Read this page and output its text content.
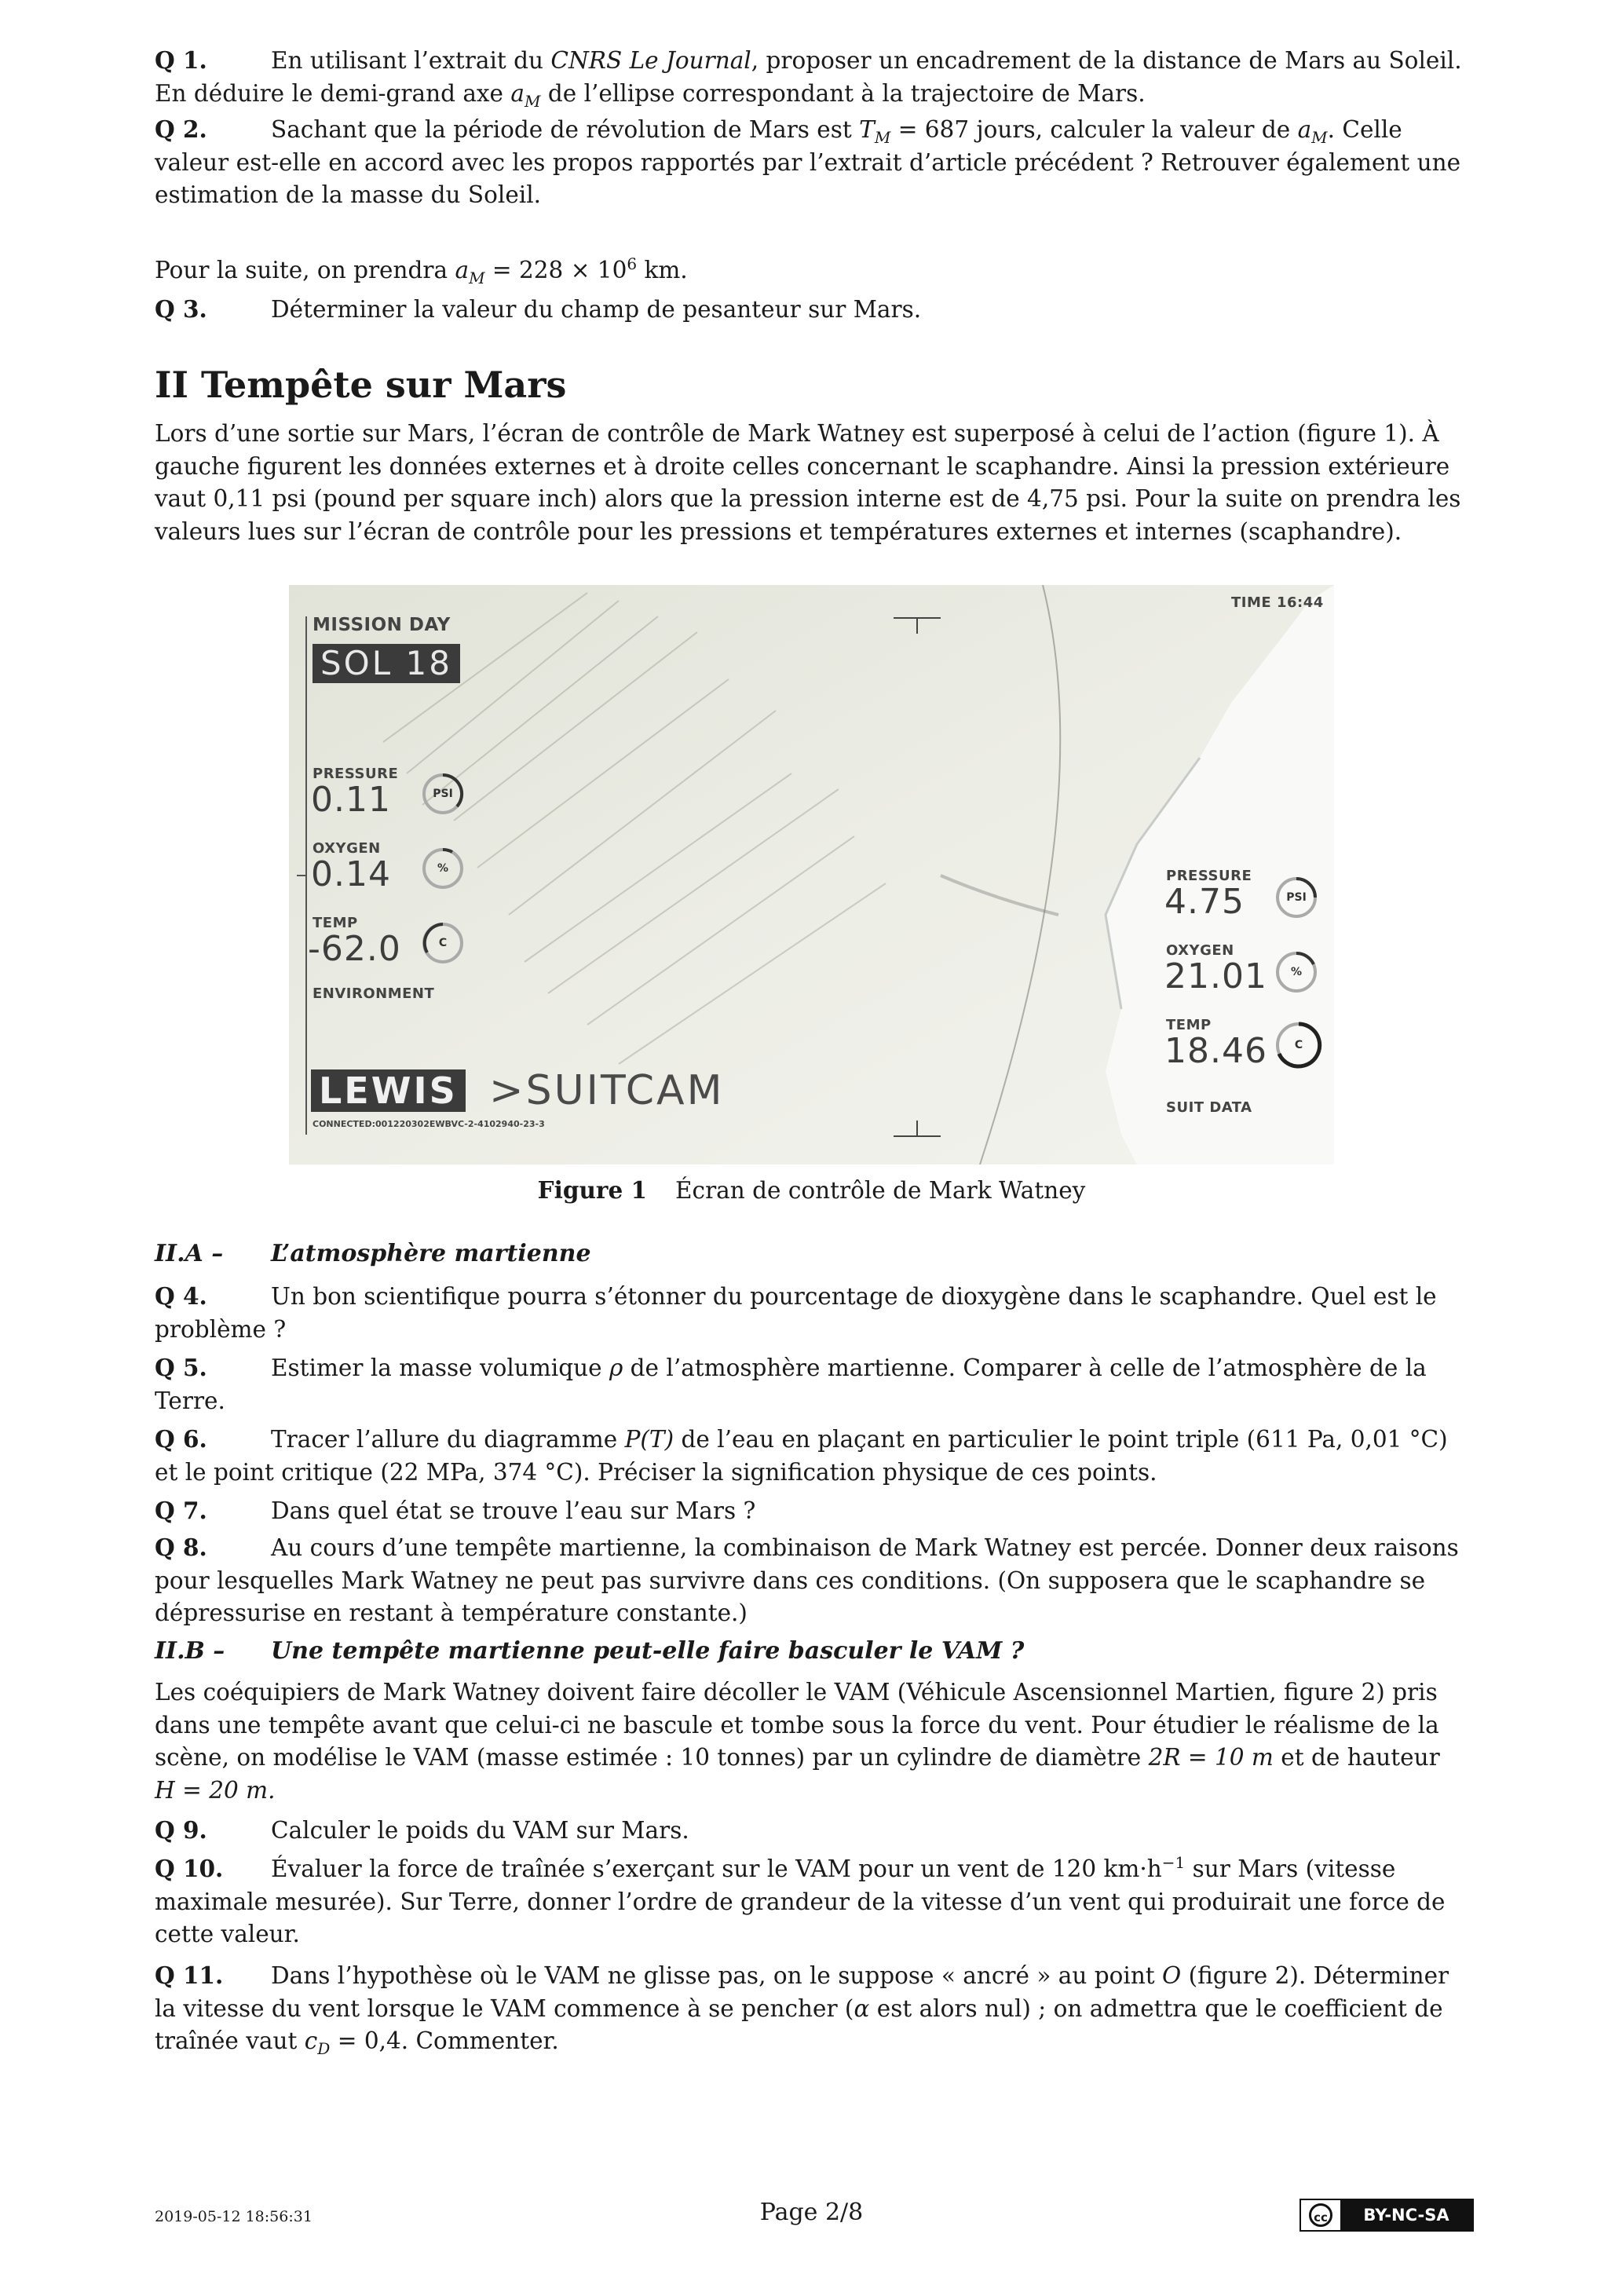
Q 1.	En utilisant l’extrait du CNRS Le Journal, proposer un encadrement de la distance de Mars au Soleil.
En déduire le demi-grand axe $a_M$ de l’ellipse correspondant à la trajectoire de Mars.
Q 2.	Sachant que la période de révolution de Mars est $T_M = 687$ jours, calculer la valeur de $a_M$. Celle
valeur est-elle en accord avec les propos rapportés par l’extrait d’article précédent ? Retrouver également une
estimation de la masse du Soleil.
Pour la suite, on prendra $a_M = 228 \times 10^6$ km.
Q 3.	Déterminer la valeur du champ de pesanteur sur Mars.
II Tempête sur Mars
Lors d’une sortie sur Mars, l’écran de contrôle de Mark Watney est superposé à celui de l’action (figure 1). À
gauche figurent les données externes et à droite celles concernant le scaphandre. Ainsi la pression extérieure
vaut 0,11 psi (pound per square inch) alors que la pression interne est de 4,75 psi. Pour la suite on prendra les
valeurs lues sur l’écran de contrôle pour les pressions et températures externes et internes (scaphandre).
MISSION DAY
SOL 18
TIME 16:44
PRESSURE
0.11	PSI
OXYGEN
0.14	%
TEMP
-62.0	C
ENVIRONMENT
PRESSURE
4.75	PSI
OXYGEN
21.01	%
TEMP
18.46	C
SUIT DATA
LEWIS >SUITCAM
CONNECTED:001220302EWBVC-2-4102940-23-3
Figure 1 Écran de contrôle de Mark Watney
II.A – L’atmosphère martienne
Q 4.	Un bon scientifique pourra s’étonner du pourcentage de dioxygène dans le scaphandre. Quel est le
problème ?
Q 5.	Estimer la masse volumique ρ de l’atmosphère martienne. Comparer à celle de l’atmosphère de la
Terre.
Q 6.	Tracer l’allure du diagramme P(T) de l’eau en plaçant en particulier le point triple (611 Pa, 0,01 °C)
et le point critique (22 MPa, 374 °C). Préciser la signification physique de ces points.
Q 7.	Dans quel état se trouve l’eau sur Mars ?
Q 8.	Au cours d’une tempête martienne, la combinaison de Mark Watney est percée. Donner deux raisons
pour lesquelles Mark Watney ne peut pas survivre dans ces conditions. (On supposera que le scaphandre se
dépressurise en restant à température constante.)
II.B – Une tempête martienne peut-elle faire basculer le VAM ?
Les coéquipiers de Mark Watney doivent faire décoller le VAM (Véhicule Ascensionnel Martien, figure 2) pris
dans une tempête avant que celui-ci ne bascule et tombe sous la force du vent. Pour étudier le réalisme de la
scène, on modélise le VAM (masse estimée : 10 tonnes) par un cylindre de diamètre 2R = 10 m et de hauteur
H = 20 m.
Q 9.	Calculer le poids du VAM sur Mars.
Q 10. Évaluer la force de traînée s’exerçant sur le VAM pour un vent de 120 $km\cdot h^{-1}$ sur Mars (vitesse
maximale mesurée). Sur Terre, donner l’ordre de grandeur de la vitesse d’un vent qui produirait une force de
cette valeur.
Q 11. Dans l’hypothèse où le VAM ne glisse pas, on le suppose « ancré » au point O (figure 2). Déterminer
la vitesse du vent lorsque le VAM commence à se pencher (α est alors nul) ; on admettra que le coefficient de
traînée vaut $c_D = 0,4$. Commenter.
2019-05-12 18:56:31	Page 2/8	cc	BY-NC-SA
